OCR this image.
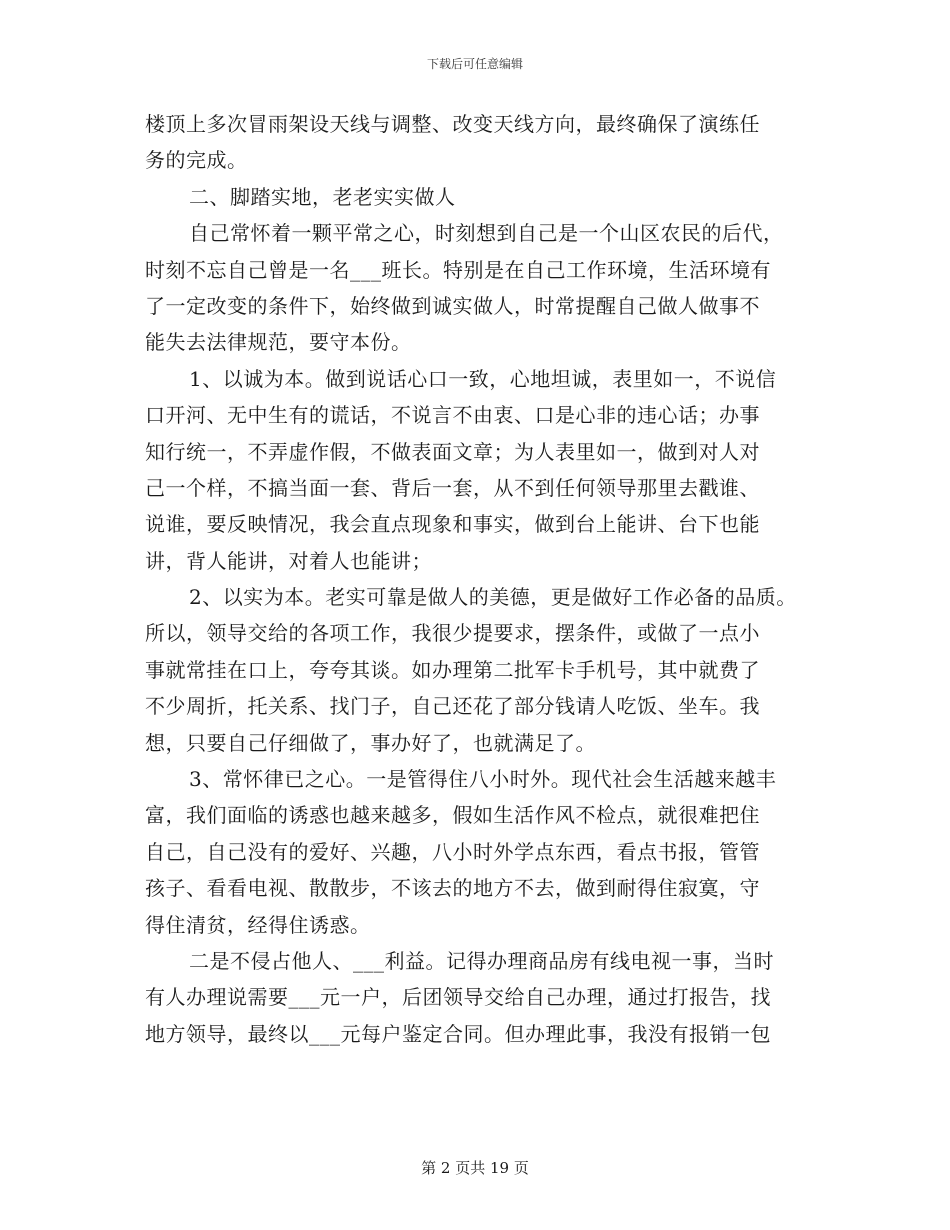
下载后可任意编辑
楼顶上多次冒雨架设天线与调整、改变天线方向，最终确保了演练任
务的完成。
二、脚踏实地，老老实实做人
自己常怀着一颗平常之心，时刻想到自己是一个山区农民的后代，
时刻不忘自己曾是一名___班长。特别是在自己工作环境，生活环境有
了一定改变的条件下，始终做到诚实做人，时常提醒自己做人做事不
能失去法律规范，要守本份。
1、以诚为本。做到说话心口一致，心地坦诚，表里如一，不说信
口开河、无中生有的谎话，不说言不由衷、口是心非的违心话；办事
知行统一，不弄虚作假，不做表面文章；为人表里如一，做到对人对
己一个样，不搞当面一套、背后一套，从不到任何领导那里去戳谁、
说谁，要反映情况，我会直点现象和事实，做到台上能讲、台下也能
讲，背人能讲，对着人也能讲；
2、以实为本。老实可靠是做人的美德，更是做好工作必备的品质。
所以，领导交给的各项工作，我很少提要求，摆条件，或做了一点小
事就常挂在口上，夸夸其谈。如办理第二批军卡手机号，其中就费了
不少周折，托关系、找门子，自己还花了部分钱请人吃饭、坐车。我
想，只要自己仔细做了，事办好了，也就满足了。
3、常怀律已之心。一是管得住八小时外。现代社会生活越来越丰
富，我们面临的诱惑也越来越多，假如生活作风不检点，就很难把住
自己，自己没有的爱好、兴趣，八小时外学点东西，看点书报，管管
孩子、看看电视、散散步，不该去的地方不去，做到耐得住寂寞，守
得住清贫，经得住诱惑。
二是不侵占他人、___利益。记得办理商品房有线电视一事，当时
有人办理说需要___元一户，后团领导交给自己办理，通过打报告，找
地方领导，最终以___元每户鉴定合同。但办理此事，我没有报销一包
第 2 页共 19 页
